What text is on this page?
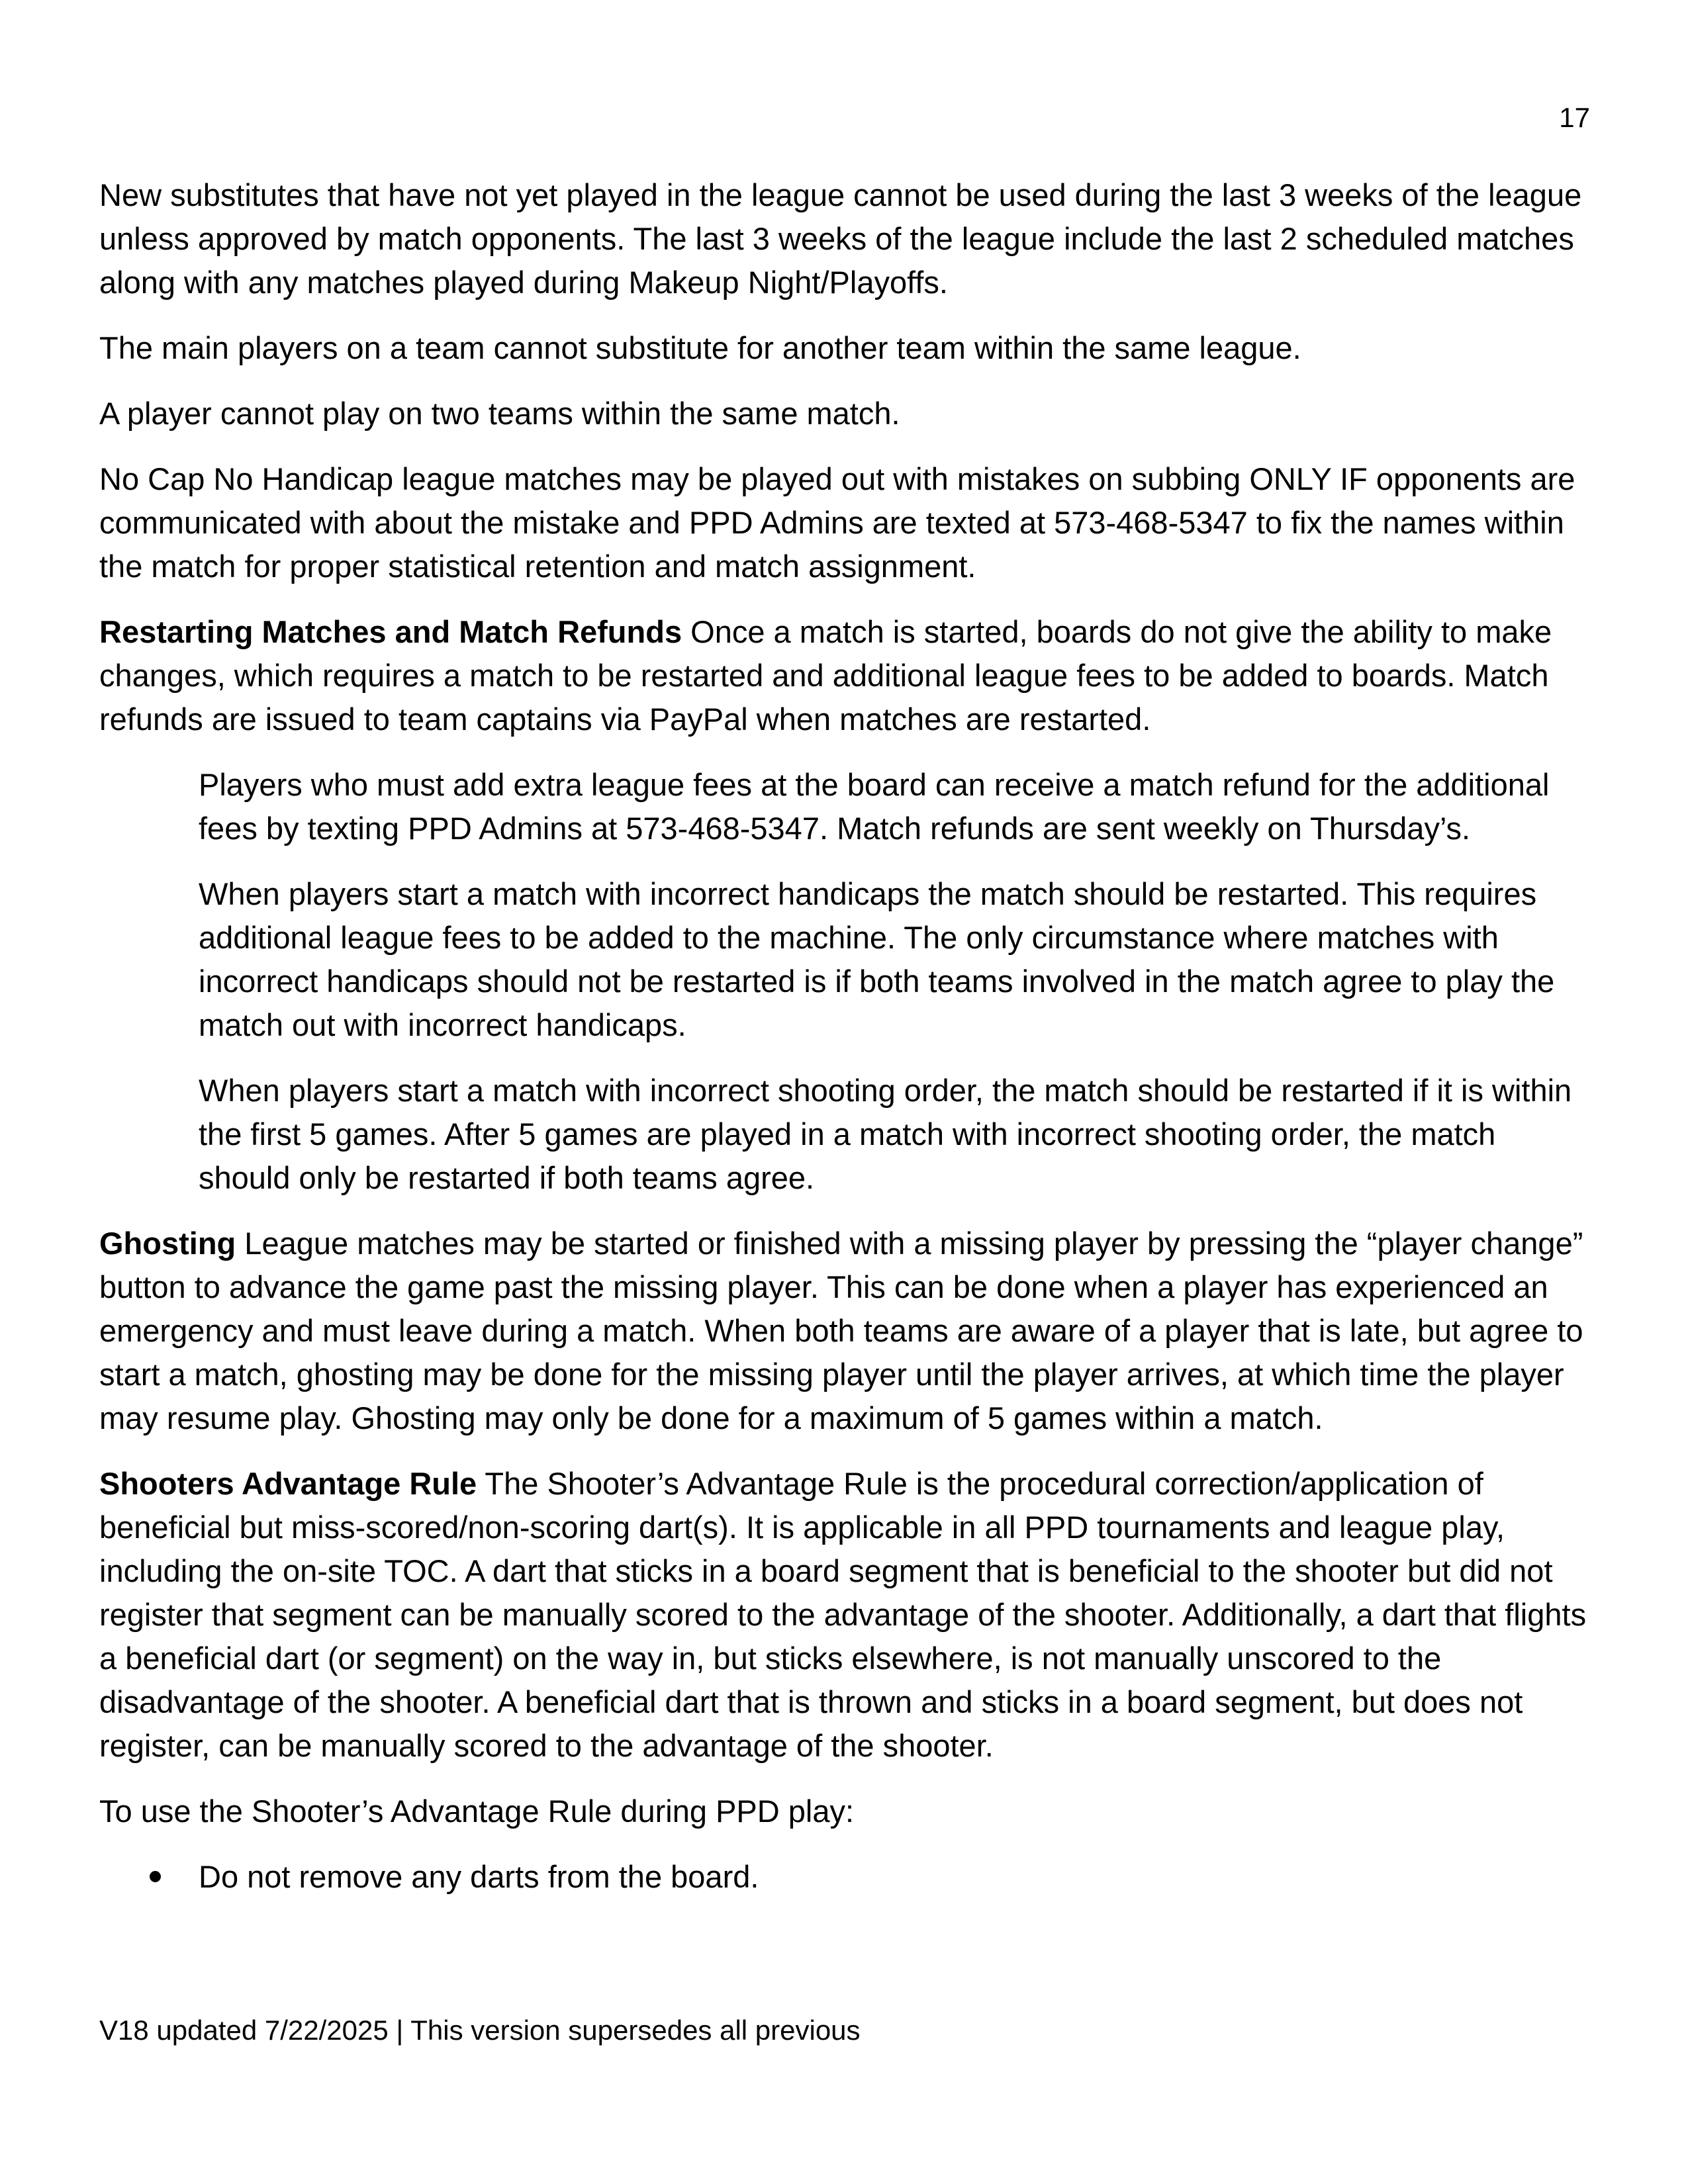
17

New substitutes that have not yet played in the league cannot be used during the last 3 weeks of the league unless approved by match opponents. The last 3 weeks of the league include the last 2 scheduled matches along with any matches played during Makeup Night/Playoffs.

The main players on a team cannot substitute for another team within the same league.

A player cannot play on two teams within the same match.

No Cap No Handicap league matches may be played out with mistakes on subbing ONLY IF opponents are communicated with about the mistake and PPD Admins are texted at 573-468-5347 to fix the names within the match for proper statistical retention and match assignment.

Restarting Matches and Match Refunds Once a match is started, boards do not give the ability to make changes, which requires a match to be restarted and additional league fees to be added to boards. Match refunds are issued to team captains via PayPal when matches are restarted.

Players who must add extra league fees at the board can receive a match refund for the additional fees by texting PPD Admins at 573-468-5347. Match refunds are sent weekly on Thursday’s.

When players start a match with incorrect handicaps the match should be restarted. This requires additional league fees to be added to the machine. The only circumstance where matches with incorrect handicaps should not be restarted is if both teams involved in the match agree to play the match out with incorrect handicaps.

When players start a match with incorrect shooting order, the match should be restarted if it is within the first 5 games. After 5 games are played in a match with incorrect shooting order, the match should only be restarted if both teams agree.

Ghosting League matches may be started or finished with a missing player by pressing the “player change” button to advance the game past the missing player. This can be done when a player has experienced an emergency and must leave during a match. When both teams are aware of a player that is late, but agree to start a match, ghosting may be done for the missing player until the player arrives, at which time the player may resume play. Ghosting may only be done for a maximum of 5 games within a match.

Shooters Advantage Rule The Shooter’s Advantage Rule is the procedural correction/application of beneficial but miss-scored/non-scoring dart(s). It is applicable in all PPD tournaments and league play, including the on-site TOC. A dart that sticks in a board segment that is beneficial to the shooter but did not register that segment can be manually scored to the advantage of the shooter. Additionally, a dart that flights a beneficial dart (or segment) on the way in, but sticks elsewhere, is not manually unscored to the disadvantage of the shooter. A beneficial dart that is thrown and sticks in a board segment, but does not register, can be manually scored to the advantage of the shooter.

To use the Shooter’s Advantage Rule during PPD play:

Do not remove any darts from the board.
V18 updated 7/22/2025 | This version supersedes all previous
